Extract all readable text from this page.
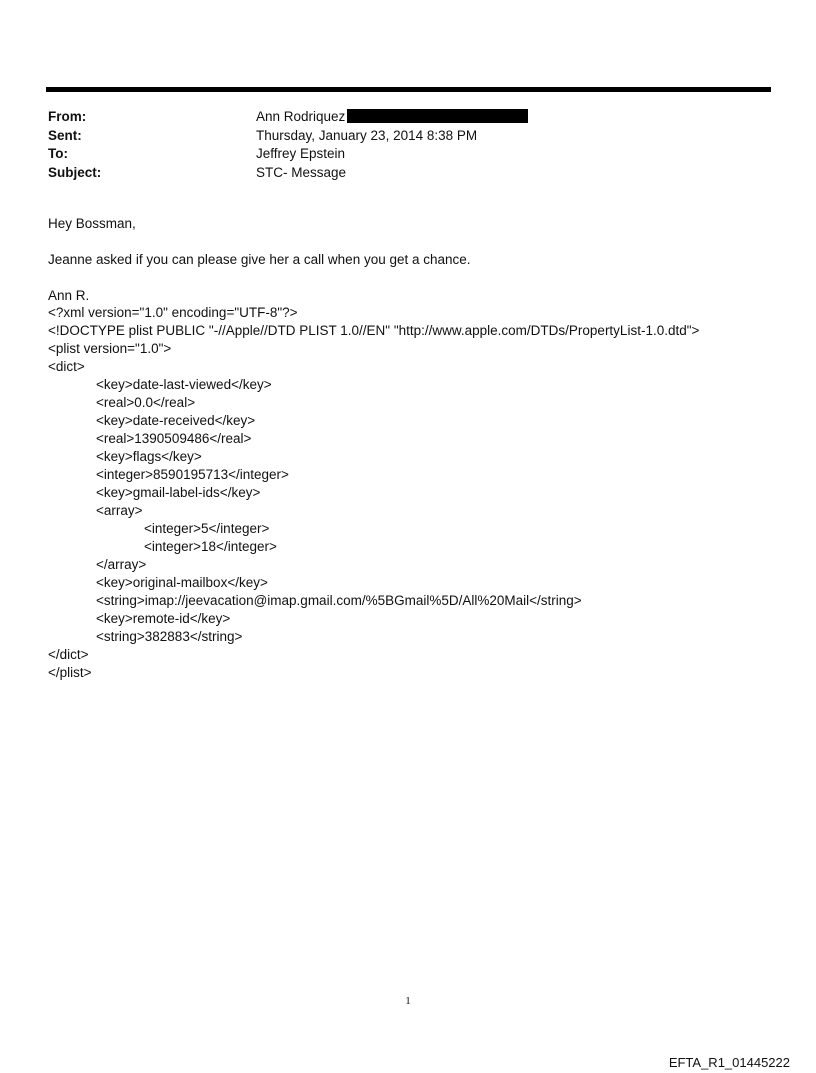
From:	Ann Rodriquez
Sent:	Thursday, January 23, 2014 8:38 PM
To:	Jeffrey Epstein
Subject:	STC- Message
Hey Bossman,
Jeanne asked if you can please give her a call when you get a chance.
Ann R.
<?xml version="1.0" encoding="UTF-8"?>
<!DOCTYPE plist PUBLIC "-//Apple//DTD PLIST 1.0//EN" "http://www.apple.com/DTDs/PropertyList-1.0.dtd">
<plist version="1.0">
<dict>
<key>date-last-viewed</key>
<real>0.0</real>
<key>date-received</key>
<real>1390509486</real>
<key>flags</key>
<integer>8590195713</integer>
<key>gmail-label-ids</key>
<array>
<integer>5</integer>
<integer>18</integer>
</array>
<key>original-mailbox</key>
<string>imap://jeevacation@imap.gmail.com/%5BGmail%5D/All%20Mail</string>
<key>remote-id</key>
<string>382883</string>
</dict>
</plist>
1
EFTA_R1_01445222
